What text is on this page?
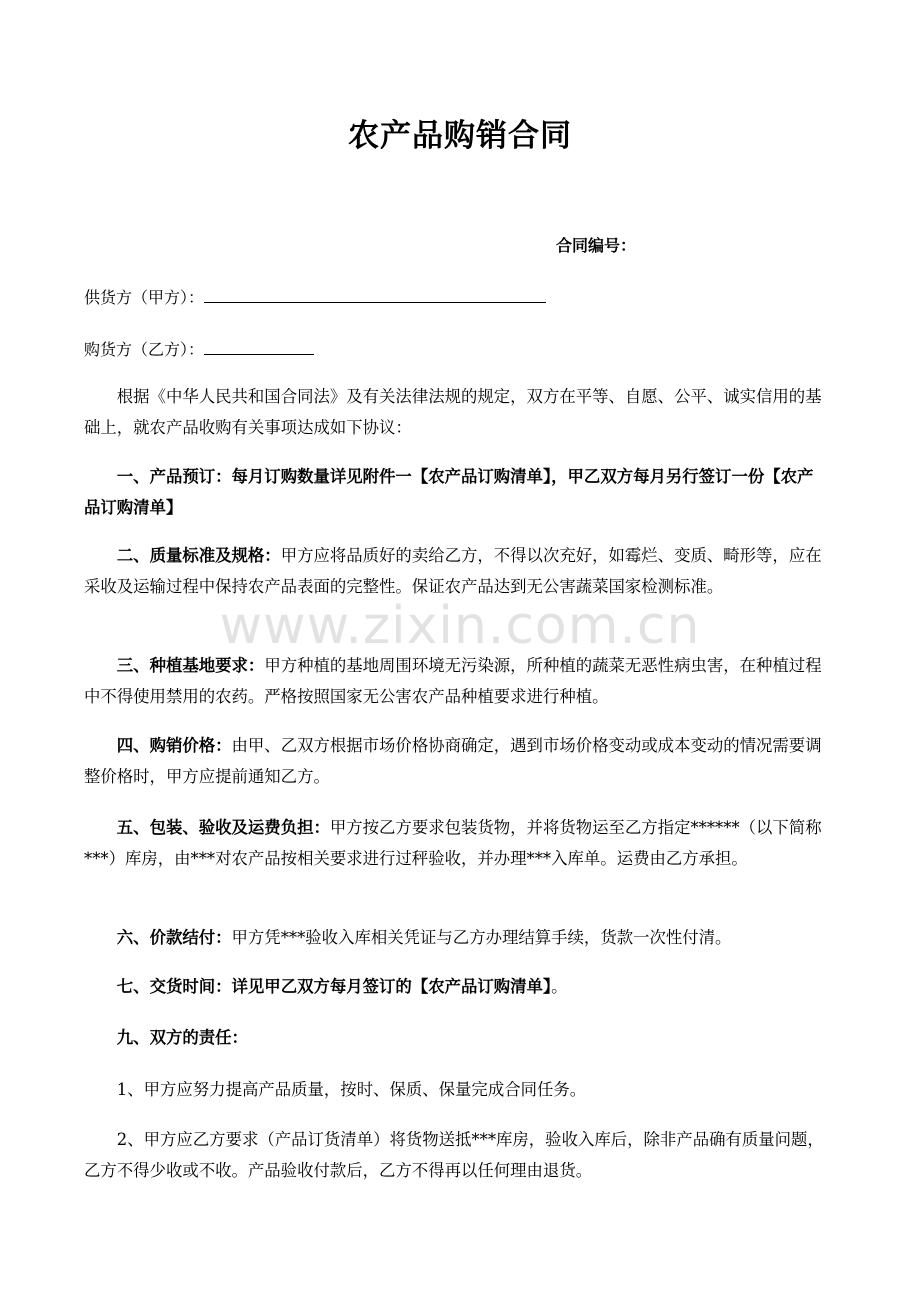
农产品购销合同
合同编号：
供货方（甲方）：
购货方（乙方）：

根据《中华人民共和国合同法》及有关法律法规的规定，双方在平等、自愿、公平、诚实信用的基础上，就农产品收购有关事项达成如下协议：

一、产品预订：每月订购数量详见附件一【农产品订购清单】，甲乙双方每月另行签订一份【农产品订购清单】

二、质量标准及规格：甲方应将品质好的卖给乙方，不得以次充好，如霉烂、变质、畸形等，应在采收及运输过程中保持农产品表面的完整性。保证农产品达到无公害蔬菜国家检测标准。

三、种植基地要求：甲方种植的基地周围环境无污染源，所种植的蔬菜无恶性病虫害，在种植过程中不得使用禁用的农药。严格按照国家无公害农产品种植要求进行种植。

四、购销价格：由甲、乙双方根据市场价格协商确定，遇到市场价格变动或成本变动的情况需要调整价格时，甲方应提前通知乙方。

五、包装、验收及运费负担：甲方按乙方要求包装货物，并将货物运至乙方指定******（以下简称***）库房，由***对农产品按相关要求进行过秤验收，并办理***入库单。运费由乙方承担。

六、价款结付：甲方凭***验收入库相关凭证与乙方办理结算手续，货款一次性付清。

七、交货时间：详见甲乙双方每月签订的【农产品订购清单】。

九、双方的责任：

1、甲方应努力提高产品质量，按时、保质、保量完成合同任务。

2、甲方应乙方要求（产品订货清单）将货物送抵***库房，验收入库后，除非产品确有质量问题，乙方不得少收或不收。产品验收付款后，乙方不得再以任何理由退货。

www.zixin.com.cn
